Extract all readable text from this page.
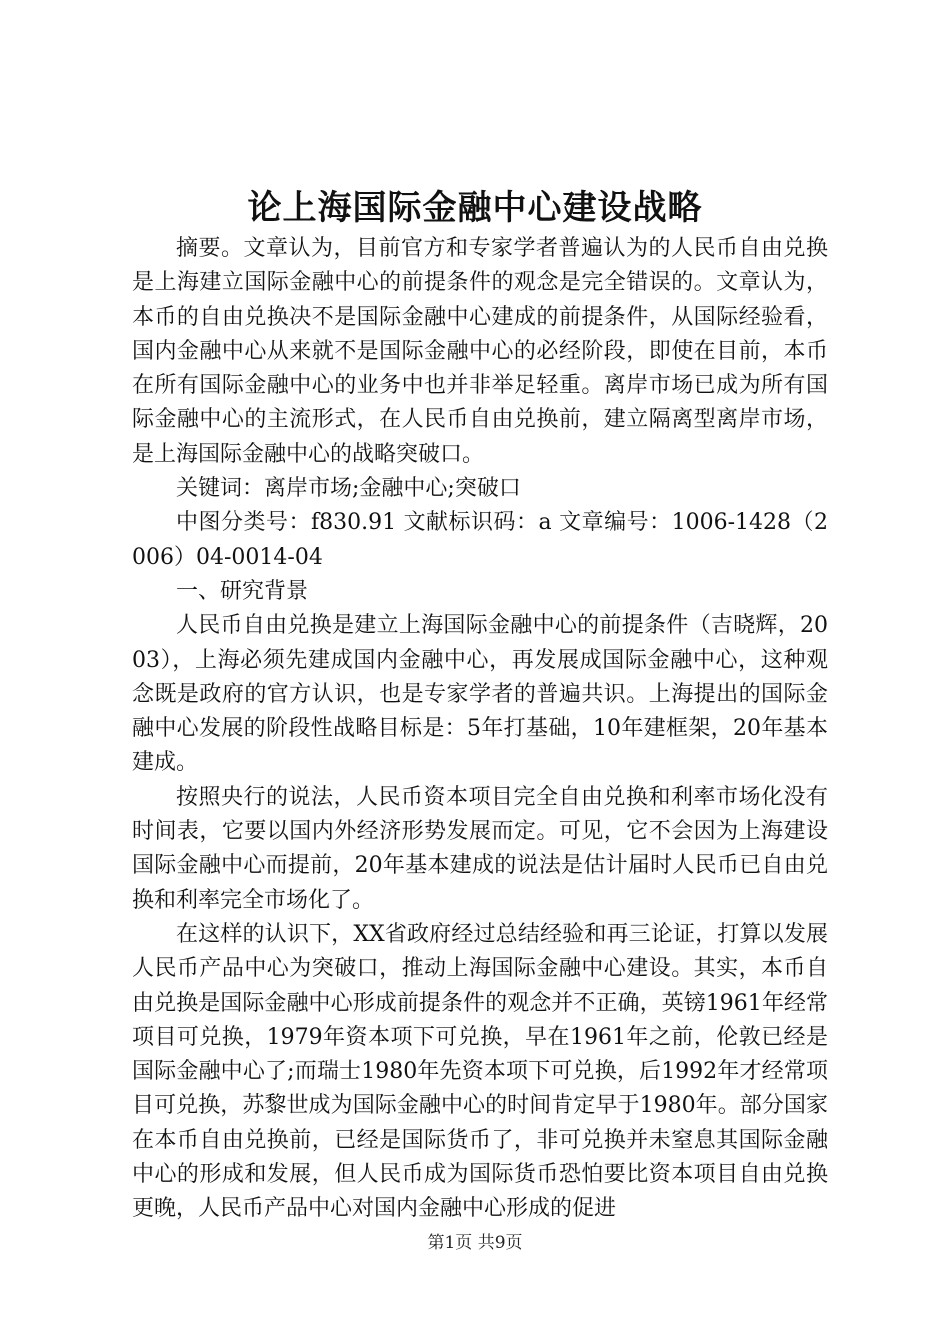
论上海国际金融中心建设战略

摘要。文章认为，目前官方和专家学者普遍认为的人民币自由兑换是上海建立国际金融中心的前提条件的观念是完全错误的。文章认为，本币的自由兑换决不是国际金融中心建成的前提条件，从国际经验看，国内金融中心从来就不是国际金融中心的必经阶段，即使在目前，本币在所有国际金融中心的业务中也并非举足轻重。离岸市场已成为所有国际金融中心的主流形式，在人民币自由兑换前，建立隔离型离岸市场，是上海国际金融中心的战略突破口。

关键词：离岸市场;金融中心;突破口

中图分类号：f830.91 文献标识码：a 文章编号：1006-1428（2006）04-0014-04

一、研究背景

人民币自由兑换是建立上海国际金融中心的前提条件（吉晓辉，2003），上海必须先建成国内金融中心，再发展成国际金融中心，这种观念既是政府的官方认识，也是专家学者的普遍共识。上海提出的国际金融中心发展的阶段性战略目标是：5年打基础，10年建框架，20年基本建成。

按照央行的说法，人民币资本项目完全自由兑换和利率市场化没有时间表，它要以国内外经济形势发展而定。可见，它不会因为上海建设国际金融中心而提前，20年基本建成的说法是估计届时人民币已自由兑换和利率完全市场化了。

在这样的认识下，XX省政府经过总结经验和再三论证，打算以发展人民币产品中心为突破口，推动上海国际金融中心建设。其实，本币自由兑换是国际金融中心形成前提条件的观念并不正确，英镑1961年经常项目可兑换，1979年资本项下可兑换，早在1961年之前，伦敦已经是国际金融中心了;而瑞士1980年先资本项下可兑换，后1992年才经常项目可兑换，苏黎世成为国际金融中心的时间肯定早于1980年。部分国家在本币自由兑换前，已经是国际货币了，非可兑换并未窒息其国际金融中心的形成和发展，但人民币成为国际货币恐怕要比资本项目自由兑换更晚，人民币产品中心对国内金融中心形成的促进

第1页 共9页
